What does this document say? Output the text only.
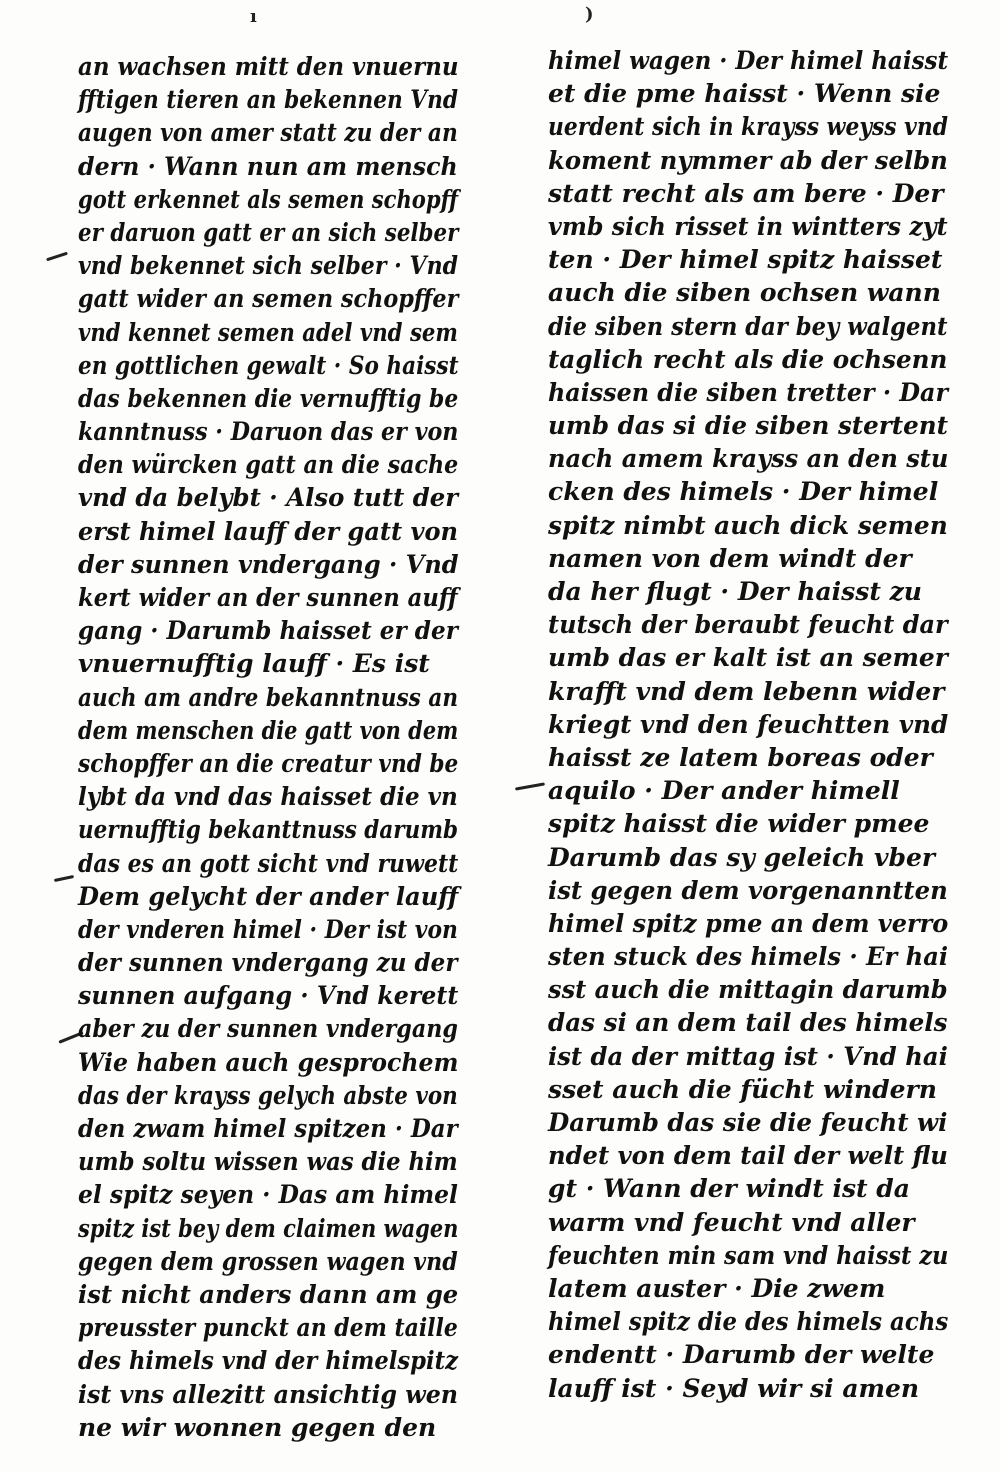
ı	)
an wachsen mitt den vnuernu
fftigen tieren an bekennen Vnd
augen von amer statt zu der an
dern · Wann nun am mensch
gott erkennet als semen schopff
er daruon gatt er an sich selber
vnd bekennet sich selber · Vnd
gatt wider an semen schopffer
vnd kennet semen adel vnd sem
en gottlichen gewalt · So haisst
das bekennen die vernufftig be
kanntnuss · Daruon das er von
den würcken gatt an die sache
vnd da belybt · Also tutt der
erst himel lauff der gatt von
der sunnen vndergang · Vnd
kert wider an der sunnen auff
gang · Darumb haisset er der
vnuernufftig lauff · Es ist
auch am andre bekanntnuss an
dem menschen die gatt von dem
schopffer an die creatur vnd be
lybt da vnd das haisset die vn
uernufftig bekanttnuss darumb
das es an gott sicht vnd ruwett
Dem gelycht der ander lauff
der vnderen himel · Der ist von
der sunnen vndergang zu der
sunnen aufgang · Vnd kerett
aber zu der sunnen vndergang
Wie haben auch gesprochem
das der krayss gelych abste von
den zwam himel spitzen · Dar
umb soltu wissen was die him
el spitz seyen · Das am himel
spitz ist bey dem claimen wagen
gegen dem grossen wagen vnd
ist nicht anders dann am ge
preusster punckt an dem taille
des himels vnd der himelspitz
ist vns allezitt ansichtig wen
ne wir wonnen gegen den
himel wagen · Der himel haisst
et die pme haisst · Wenn sie
uerdent sich in krayss weyss vnd
koment nymmer ab der selbn
statt recht als am bere · Der
vmb sich risset in wintters zyt
ten · Der himel spitz haisset
auch die siben ochsen wann
die siben stern dar bey walgent
taglich recht als die ochsenn
haissen die siben tretter · Dar
umb das si die siben stertent
nach amem krayss an den stu
cken des himels · Der himel
spitz nimbt auch dick semen
namen von dem windt der
da her flugt · Der haisst zu
tutsch der beraubt feucht dar
umb das er kalt ist an semer
krafft vnd dem lebenn wider
kriegt vnd den feuchtten vnd
haisst ze latem boreas oder
aquilo · Der ander himell
spitz haisst die wider pmee
Darumb das sy geleich vber
ist gegen dem vorgenanntten
himel spitz pme an dem verro
sten stuck des himels · Er hai
sst auch die mittagin darumb
das si an dem tail des himels
ist da der mittag ist · Vnd hai
sset auch die fücht windern
Darumb das sie die feucht wi
ndet von dem tail der welt flu
gt · Wann der windt ist da
warm vnd feucht vnd aller
feuchten min sam vnd haisst zu
latem auster · Die zwem
himel spitz die des himels achs
endentt · Darumb der welte
lauff ist · Seyd wir si amen
